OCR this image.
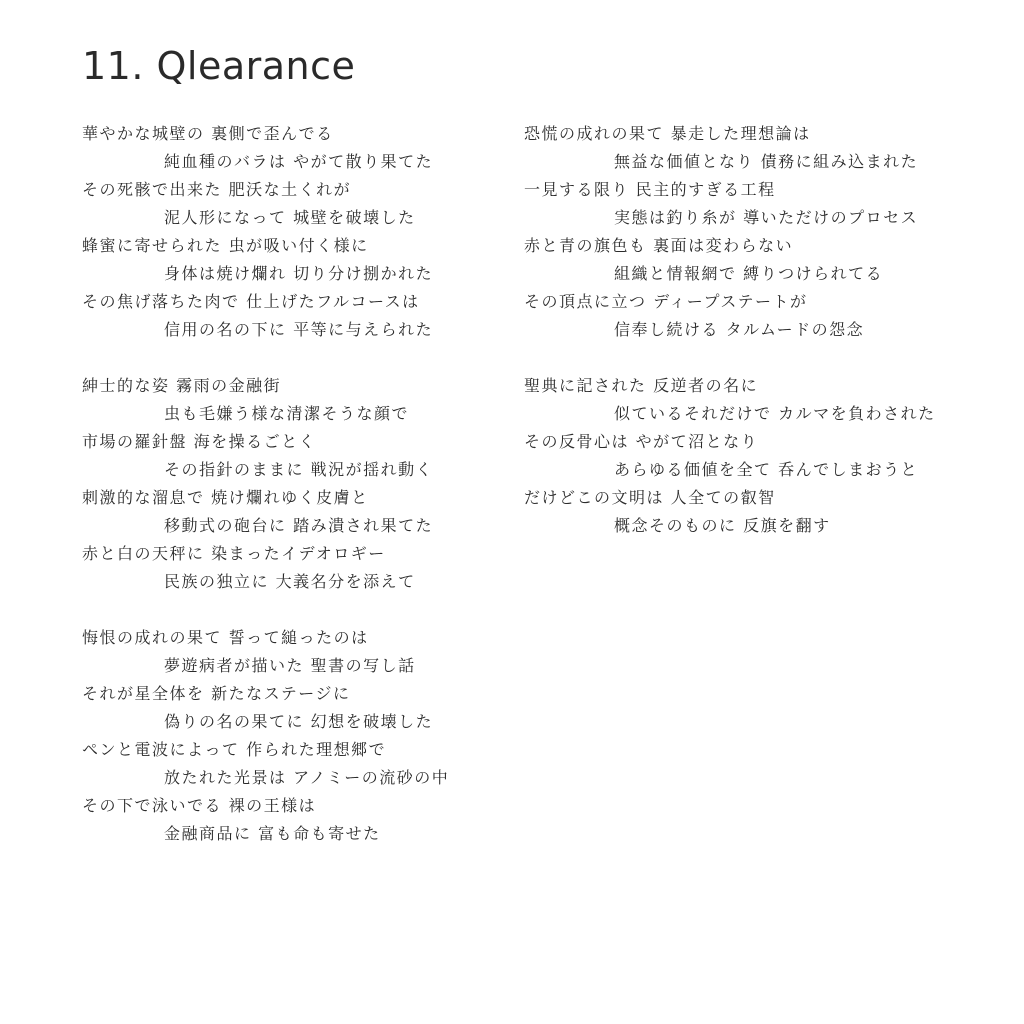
11. Qlearance
華やかな城壁の 裏側で歪んでる
純血種のバラは やがて散り果てた
その死骸で出来た 肥沃な土くれが
泥人形になって 城壁を破壊した
蜂蜜に寄せられた 虫が吸い付く様に
身体は焼け爛れ 切り分け捌かれた
その焦げ落ちた肉で 仕上げたフルコースは
信用の名の下に 平等に与えられた
紳士的な姿 霧雨の金融街
虫も毛嫌う様な清潔そうな顔で
市場の羅針盤 海を操るごとく
その指針のままに 戦況が揺れ動く
刺激的な溜息で 焼け爛れゆく皮膚と
移動式の砲台に 踏み潰され果てた
赤と白の天秤に 染まったイデオロギー
民族の独立に 大義名分を添えて
悔恨の成れの果て 誓って縋ったのは
夢遊病者が描いた 聖書の写し話
それが星全体を 新たなステージに
偽りの名の果てに 幻想を破壊した
ペンと電波によって 作られた理想郷で
放たれた光景は アノミーの流砂の中
その下で泳いでる 裸の王様は
金融商品に 富も命も寄せた
恐慌の成れの果て 暴走した理想論は
無益な価値となり 債務に組み込まれた
一見する限り 民主的すぎる工程
実態は釣り糸が 導いただけのプロセス
赤と青の旗色も 裏面は変わらない
組織と情報網で 縛りつけられてる
その頂点に立つ ディープステートが
信奉し続ける タルムードの怨念
聖典に記された 反逆者の名に
似ているそれだけで カルマを負わされた
その反骨心は やがて沼となり
あらゆる価値を全て 呑んでしまおうと
だけどこの文明は 人全ての叡智
概念そのものに 反旗を翻す
